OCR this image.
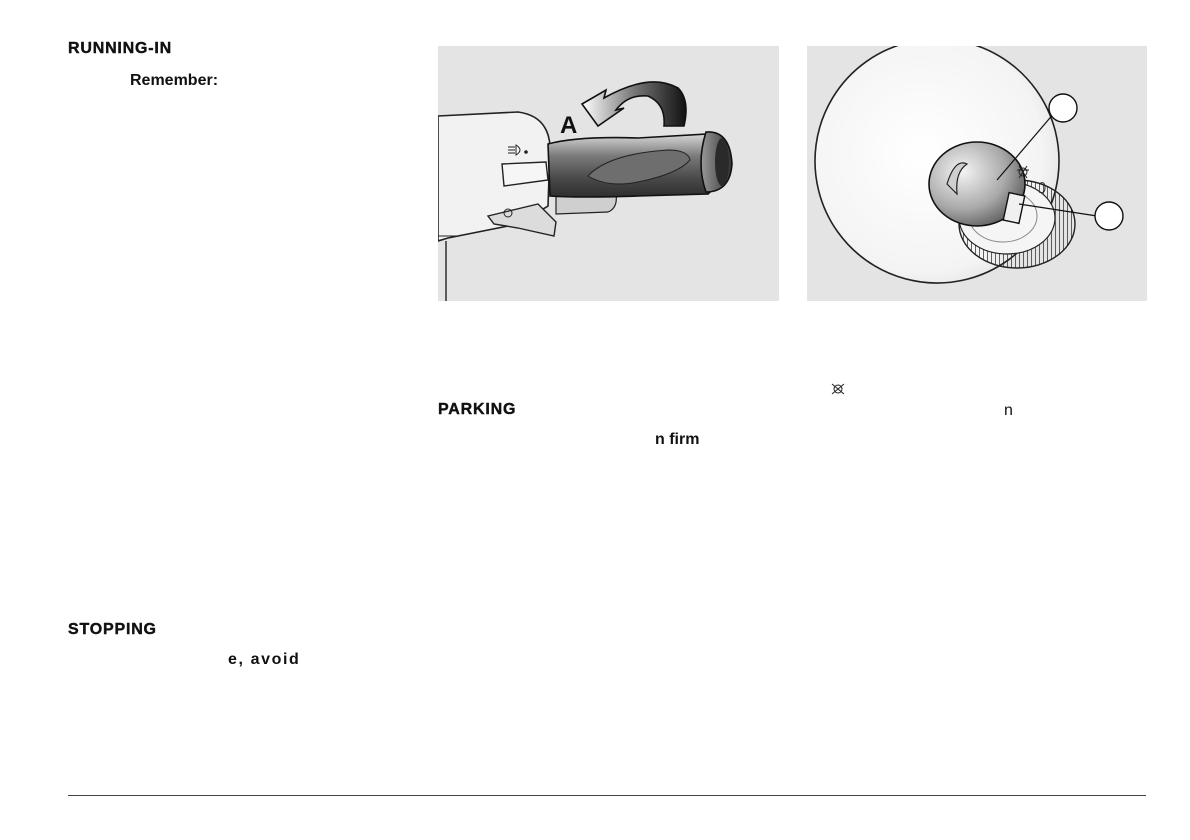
RUNNING-IN
Remember:
STOPPING
e, avoid
A
PARKING	n
n firm
